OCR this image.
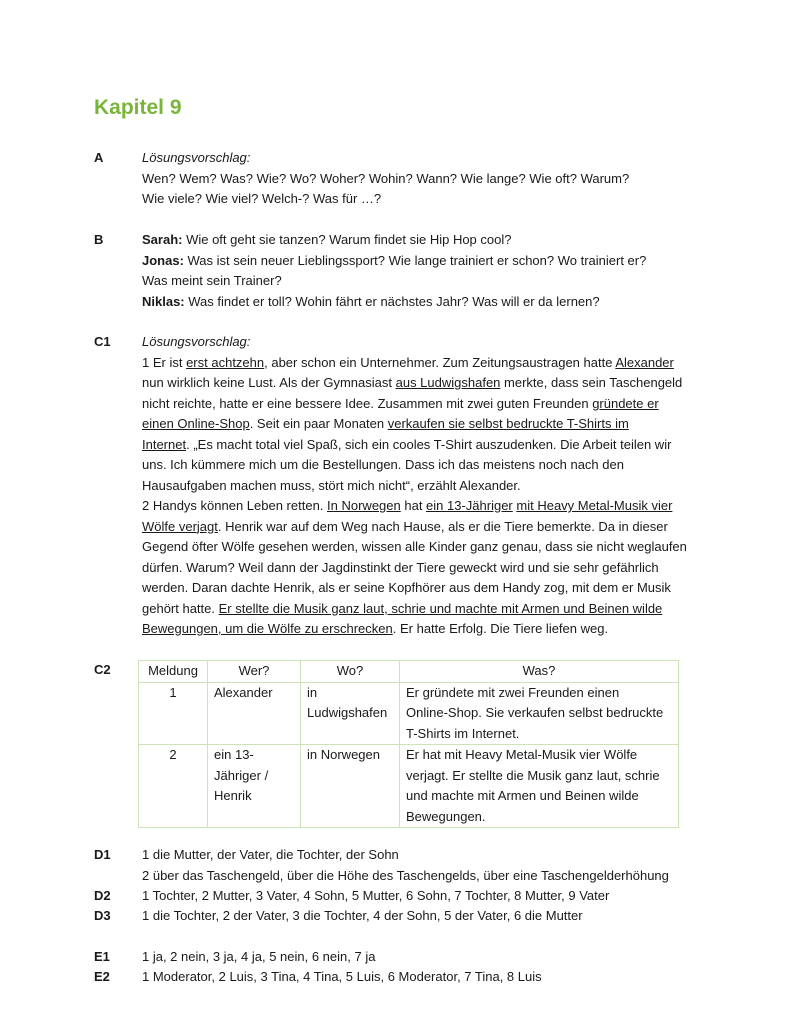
Kapitel 9
A	Lösungsvorschlag:
Wen? Wem? Was? Wie? Wo? Woher? Wohin? Wann? Wie lange? Wie oft? Warum?
Wie viele? Wie viel? Welch-? Was für …?
B	Sarah: Wie oft geht sie tanzen? Warum findet sie Hip Hop cool?
Jonas: Was ist sein neuer Lieblingssport? Wie lange trainiert er schon? Wo trainiert er?
Was meint sein Trainer?
Niklas: Was findet er toll? Wohin fährt er nächstes Jahr? Was will er da lernen?
C1 Lösungsvorschlag:
1 Er ist erst achtzehn, aber schon ein Unternehmer. Zum Zeitungsaustragen hatte Alexander
nun wirklich keine Lust. Als der Gymnasiast aus Ludwigshafen merkte, dass sein Taschengeld
nicht reichte, hatte er eine bessere Idee. Zusammen mit zwei guten Freunden gründete er
einen Online-Shop. Seit ein paar Monaten verkaufen sie selbst bedruckte T-Shirts im
Internet. „Es macht total viel Spaß, sich ein cooles T-Shirt auszudenken. Die Arbeit teilen wir
uns. Ich kümmere mich um die Bestellungen. Dass ich das meistens noch nach den
Hausaufgaben machen muss, stört mich nicht“, erzählt Alexander.
2 Handys können Leben retten. In Norwegen hat ein 13-Jähriger mit Heavy Metal-Musik vier
Wölfe verjagt. Henrik war auf dem Weg nach Hause, als er die Tiere bemerkte. Da in dieser
Gegend öfter Wölfe gesehen werden, wissen alle Kinder ganz genau, dass sie nicht weglaufen
dürfen. Warum? Weil dann der Jagdinstinkt der Tiere geweckt wird und sie sehr gefährlich
werden. Daran dachte Henrik, als er seine Kopfhörer aus dem Handy zog, mit dem er Musik
gehört hatte. Er stellte die Musik ganz laut, schrie und machte mit Armen und Beinen wilde
Bewegungen, um die Wölfe zu erschrecken. Er hatte Erfolg. Die Tiere liefen weg.
C2	Meldung	Wer?	Wo?	Was?
1	Alexander	in
Ludwigshafen	Er gründete mit zwei Freunden einen
Online-Shop. Sie verkaufen selbst bedruckte
T-Shirts im Internet.

2	ein 13-
Jähriger /
Henrik	in Norwegen	Er hat mit Heavy Metal-Musik vier Wölfe
verjagt. Er stellte die Musik ganz laut, schrie
und machte mit Armen und Beinen wilde
Bewegungen.
D1 1 die Mutter, der Vater, die Tochter, der Sohn
2 über das Taschengeld, über die Höhe des Taschengelds, über eine Taschengelderhöhung
D2 1 Tochter, 2 Mutter, 3 Vater, 4 Sohn, 5 Mutter, 6 Sohn, 7 Tochter, 8 Mutter, 9 Vater
D3 1 die Tochter, 2 der Vater, 3 die Tochter, 4 der Sohn, 5 der Vater, 6 die Mutter
E1 1 ja, 2 nein, 3 ja, 4 ja, 5 nein, 6 nein, 7 ja
E2 1 Moderator, 2 Luis, 3 Tina, 4 Tina, 5 Luis, 6 Moderator, 7 Tina, 8 Luis
